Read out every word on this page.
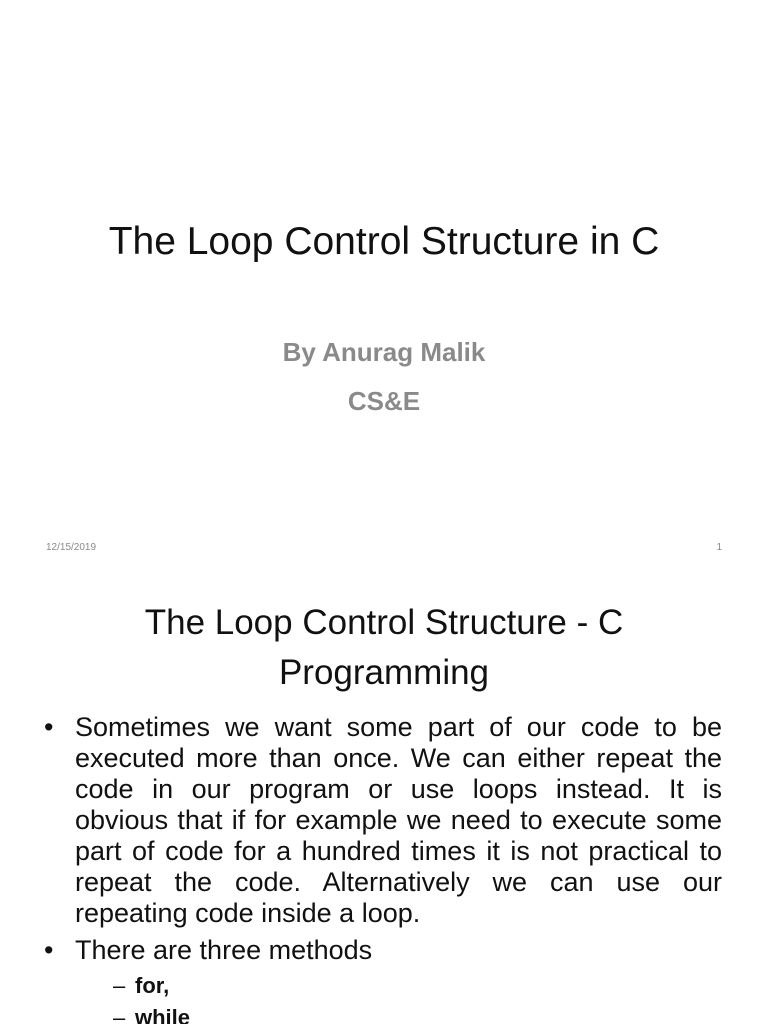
The Loop Control Structure in C
By Anurag Malik
CS&E
12/15/2019	1
The Loop Control Structure - C
Programming
• Sometimes we want some part of our code to be executed more than once. We can either repeat the code in our program or use loops instead. It is obvious that if for example we need to execute some part of code for a hundred times it is not practical to repeat the code. Alternatively we can use our repeating code inside a loop.
• There are three methods
– for,
– while
